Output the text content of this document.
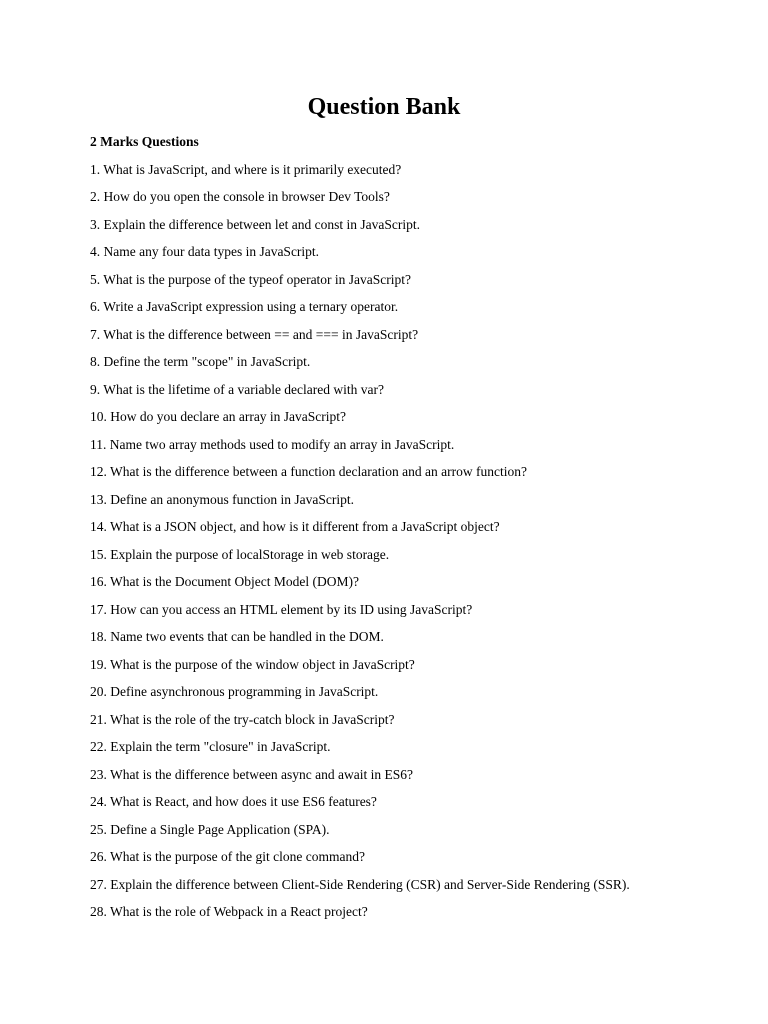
Question Bank
2 Marks Questions
1. What is JavaScript, and where is it primarily executed?
2. How do you open the console in browser Dev Tools?
3. Explain the difference between let and const in JavaScript.
4. Name any four data types in JavaScript.
5. What is the purpose of the typeof operator in JavaScript?
6. Write a JavaScript expression using a ternary operator.
7. What is the difference between == and === in JavaScript?
8. Define the term "scope" in JavaScript.
9. What is the lifetime of a variable declared with var?
10. How do you declare an array in JavaScript?
11. Name two array methods used to modify an array in JavaScript.
12. What is the difference between a function declaration and an arrow function?
13. Define an anonymous function in JavaScript.
14. What is a JSON object, and how is it different from a JavaScript object?
15. Explain the purpose of localStorage in web storage.
16. What is the Document Object Model (DOM)?
17. How can you access an HTML element by its ID using JavaScript?
18. Name two events that can be handled in the DOM.
19. What is the purpose of the window object in JavaScript?
20. Define asynchronous programming in JavaScript.
21. What is the role of the try-catch block in JavaScript?
22. Explain the term "closure" in JavaScript.
23. What is the difference between async and await in ES6?
24. What is React, and how does it use ES6 features?
25. Define a Single Page Application (SPA).
26. What is the purpose of the git clone command?
27. Explain the difference between Client-Side Rendering (CSR) and Server-Side Rendering (SSR).
28. What is the role of Webpack in a React project?
